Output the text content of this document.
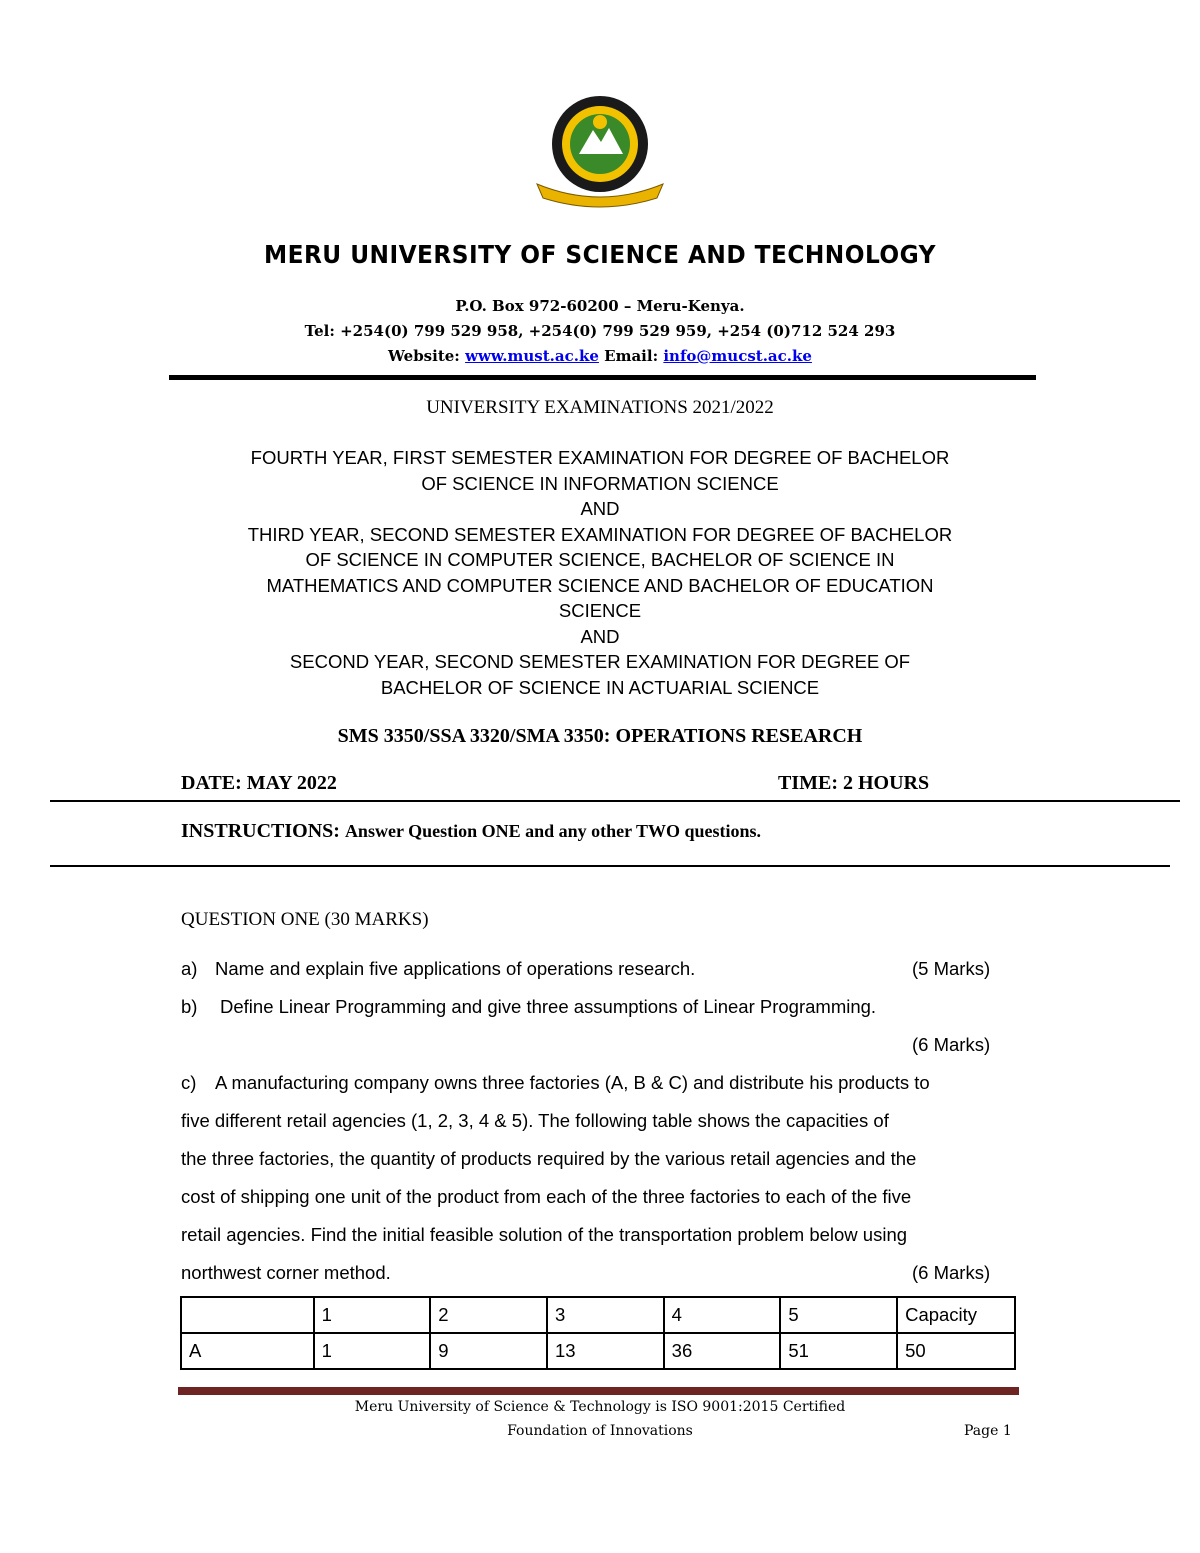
MERU UNIVERSITY OF SCIENCE AND TECHNOLOGY
P.O. Box 972-60200 – Meru-Kenya.
Tel: +254(0) 799 529 958, +254(0) 799 529 959, +254 (0)712 524 293
Website: www.must.ac.ke Email: info@mucst.ac.ke
UNIVERSITY EXAMINATIONS 2021/2022
FOURTH YEAR, FIRST SEMESTER EXAMINATION FOR DEGREE OF BACHELOR
OF SCIENCE IN INFORMATION SCIENCE
AND
THIRD YEAR, SECOND SEMESTER EXAMINATION FOR DEGREE OF BACHELOR
OF SCIENCE IN COMPUTER SCIENCE, BACHELOR OF SCIENCE IN
MATHEMATICS AND COMPUTER SCIENCE AND BACHELOR OF EDUCATION
SCIENCE
AND
SECOND YEAR, SECOND SEMESTER EXAMINATION FOR DEGREE OF
BACHELOR OF SCIENCE IN ACTUARIAL SCIENCE
SMS 3350/SSA 3320/SMA 3350: OPERATIONS RESEARCH
DATE: MAY 2022	TIME: 2 HOURS
INSTRUCTIONS: Answer Question ONE and any other TWO questions.
QUESTION ONE (30 MARKS)
a) Name and explain five applications of operations research.	(5 Marks)
b) Define Linear Programming and give three assumptions of Linear Programming.
(6 Marks)
c) A manufacturing company owns three factories (A, B & C) and distribute his products to
five different retail agencies (1, 2, 3, 4 & 5). The following table shows the capacities of
the three factories, the quantity of products required by the various retail agencies and the
cost of shipping one unit of the product from each of the three factories to each of the five
retail agencies. Find the initial feasible solution of the transportation problem below using
northwest corner method.	(6 Marks)
	1	2	3	4	5	Capacity
A	1	9	13	36	51	50
Meru University of Science & Technology is ISO 9001:2015 Certified
Foundation of Innovations	Page 1
